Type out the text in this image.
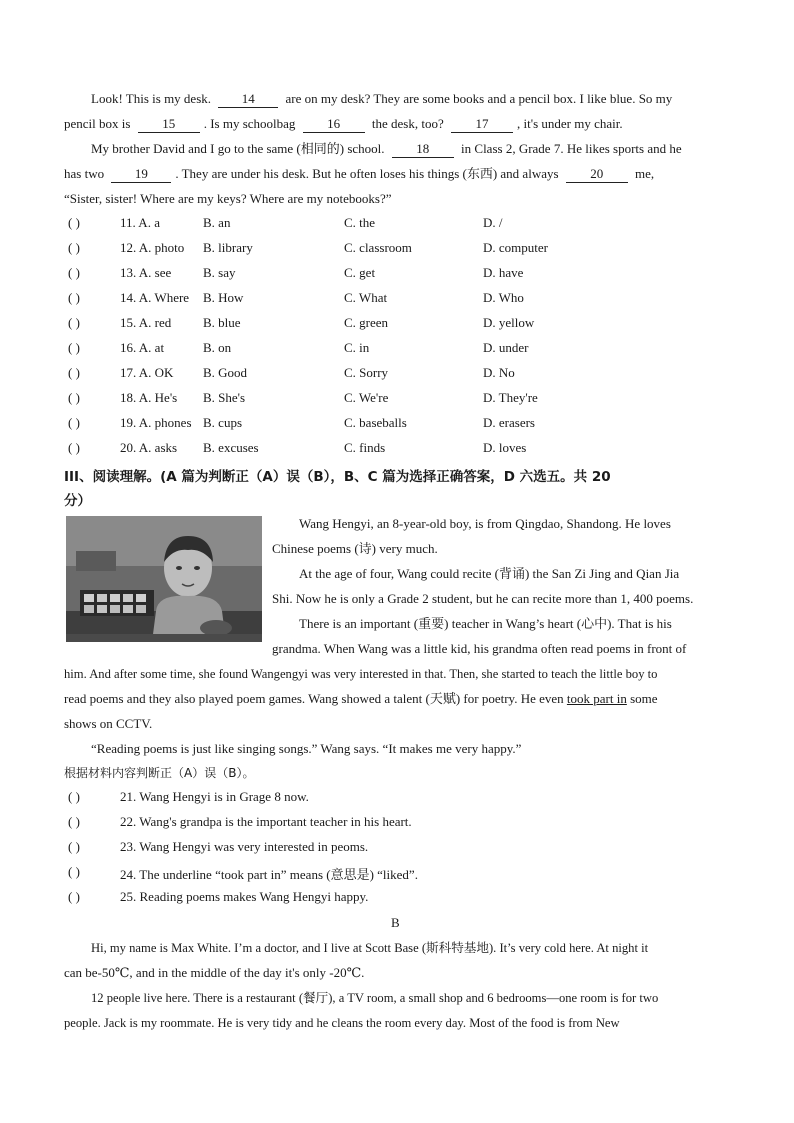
Look! This is my desk. 14 are on my desk? They are some books and a pencil box. I like blue. So my
pencil box is 15 . Is my schoolbag 16 the desk, too? 17 , it's under my chair.
My brother David and I go to the same (相同的) school. 18 in Class 2, Grade 7. He likes sports and he
has two 19 . They are under his desk. But he often loses his things (东西) and always 20 me,
“Sister, sister! Where are my keys? Where are my notebooks?”
( )	11. A. a	B. an	C. the	D. /
( )	12. A. photo B. library	C. classroom	D. computer
( )	13. A. see B. say	C. get	D. have
( )	14. A. Where B. How	C. What	D. Who
( )	15. A. red B. blue	C. green	D. yellow
( )	16. A. at	B. on	C. in	D. under
( )	17. A. OK B. Good	C. Sorry	D. No
( )	18. A. He's B. She's	C. We're	D. They're
( )	19. A. phones B. cups	C. baseballs	D. erasers
( )	20. A. asks B. excuses	C. finds	D. loves
III、阅读理解。(A 篇为判断正（A）误（B），B、C 篇为选择正确答案，D 六选五。共 20
分）
Wang Hengyi, an 8-year-old boy, is from Qingdao, Shandong. He loves
Chinese poems (诗) very much.
At the age of four, Wang could recite (背诵) the San Zi Jing and Qian Jia
Shi. Now he is only a Grade 2 student, but he can recite more than 1, 400 poems.
There is an important (重要) teacher in Wang’s heart (心中). That is his
grandma. When Wang was a little kid, his grandma often read poems in front of
him. And after some time, she found Wangengyi was very interested in that. Then, she started to teach the little boy to
read poems and they also played poem games. Wang showed a talent (天赋) for poetry. He even took part in some
shows on CCTV.
“Reading poems is just like singing songs.” Wang says. “It makes me very happy.”
根据材料内容判断正（A）误（B）。
( )	21. Wang Hengyi is in Grage 8 now.
( )	22. Wang's grandpa is the important teacher in his heart.
( )	23. Wang Hengyi was very interested in peoms.
( )	24. The underline “took part in” means (意思是) “liked”.
( )	25. Reading poems makes Wang Hengyi happy.
B
Hi, my name is Max White. I’m a doctor, and I live at Scott Base (斯科特基地). It’s very cold here. At night it
can be-50℃, and in the middle of the day it's only -20℃.
12 people live here. There is a restaurant (餐厅), a TV room, a small shop and 6 bedrooms—one room is for two
people. Jack is my roommate. He is very tidy and he cleans the room every day. Most of the food is from New
